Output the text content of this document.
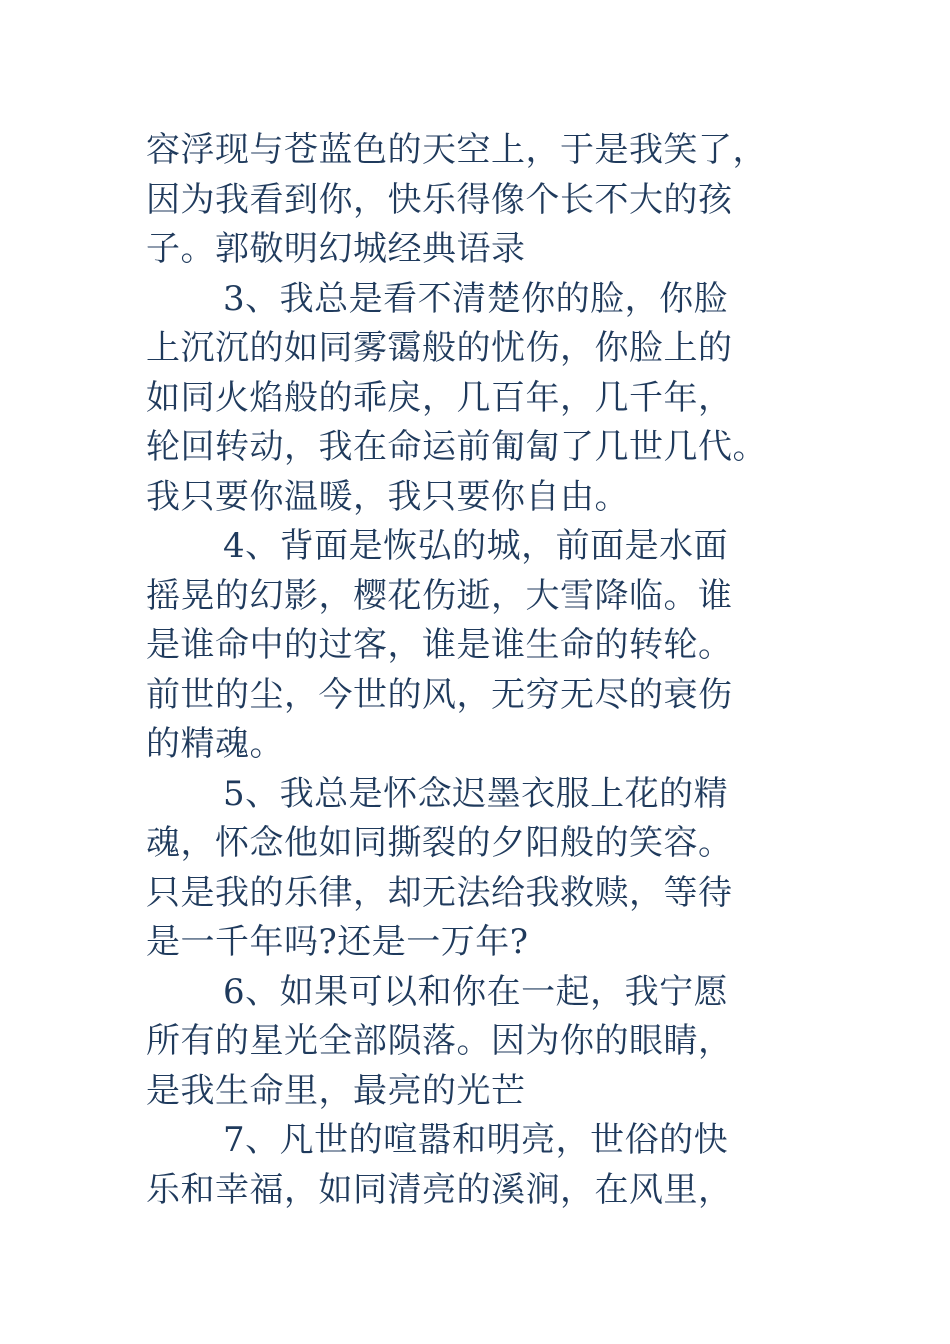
容浮现与苍蓝色的天空上，于是我笑了，
因为我看到你，快乐得像个长不大的孩
子。郭敬明幻城经典语录
3、我总是看不清楚你的脸，你脸
上沉沉的如同雾霭般的忧伤，你脸上的
如同火焰般的乖戾，几百年，几千年，
轮回转动，我在命运前匍匐了几世几代。
我只要你温暖，我只要你自由。
4、背面是恢弘的城，前面是水面
摇晃的幻影，樱花伤逝，大雪降临。谁
是谁命中的过客，谁是谁生命的转轮。
前世的尘，今世的风，无穷无尽的衰伤
的精魂。
5、我总是怀念迟墨衣服上花的精
魂，怀念他如同撕裂的夕阳般的笑容。
只是我的乐律，却无法给我救赎，等待
是一千年吗?还是一万年?
6、如果可以和你在一起，我宁愿
所有的星光全部陨落。因为你的眼睛，
是我生命里，最亮的光芒
7、凡世的喧嚣和明亮，世俗的快
乐和幸福，如同清亮的溪涧，在风里，
